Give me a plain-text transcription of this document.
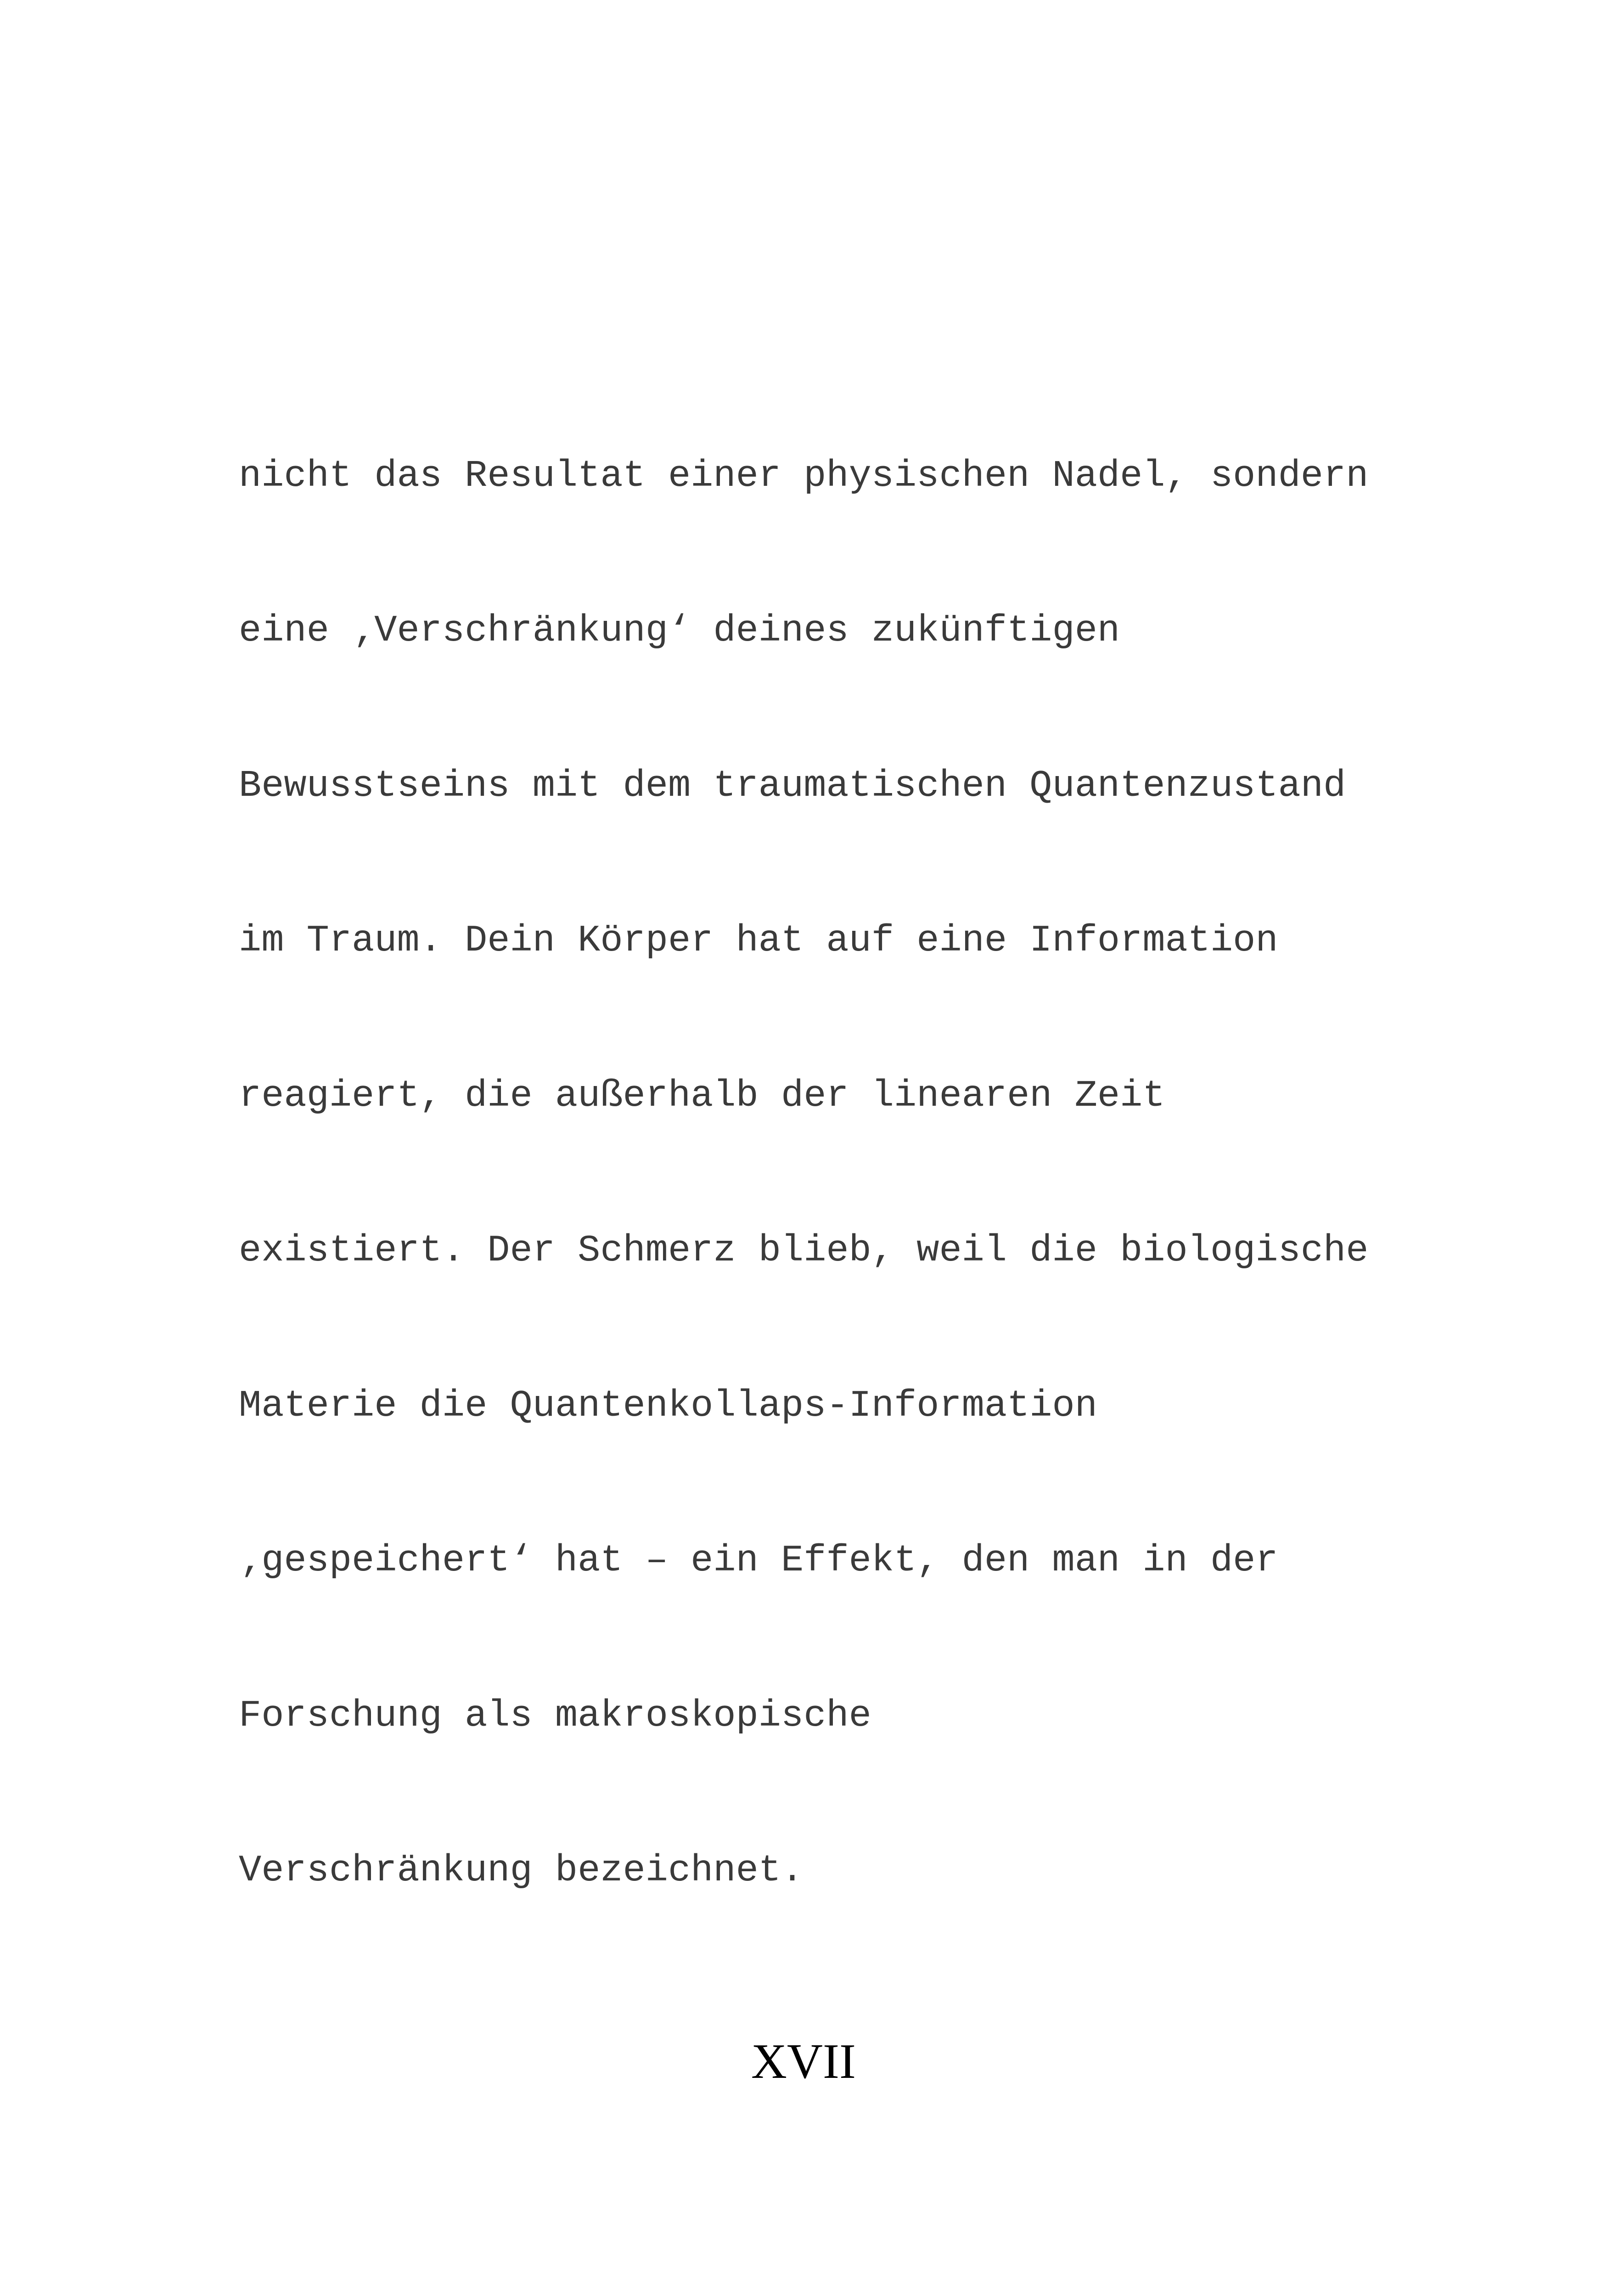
nicht das Resultat einer physischen Nadel, sondern

eine ‚Verschränkung‘ deines zukünftigen

Bewusstseins mit dem traumatischen Quantenzustand

im Traum. Dein Körper hat auf eine Information

reagiert, die außerhalb der linearen Zeit

existiert. Der Schmerz blieb, weil die biologische

Materie die Quantenkollaps-Information

‚gespeichert‘ hat – ein Effekt, den man in der

Forschung als makroskopische

Verschränkung bezeichnet.

XVII
